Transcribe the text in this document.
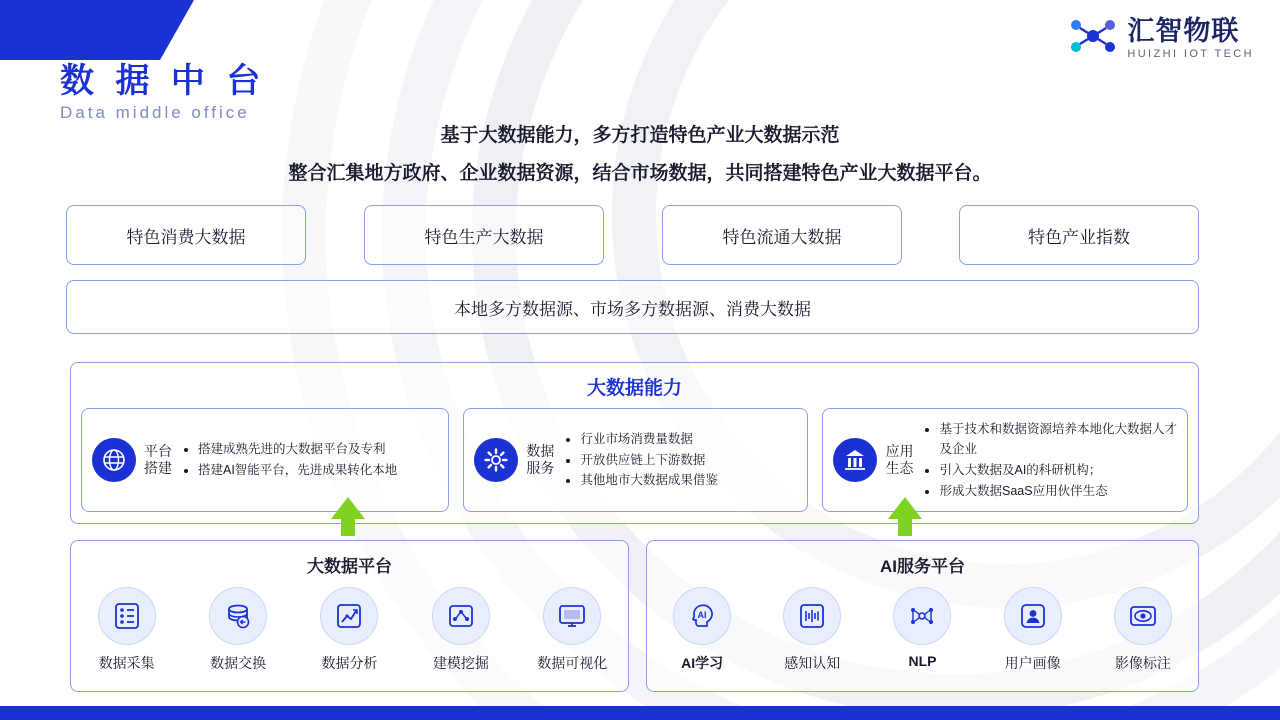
汇智物联
HUIZHI IOT TECH
数 据 中 台
Data middle office
基于大数据能力，多方打造特色产业大数据示范
整合汇集地方政府、企业数据资源，结合市场数据，共同搭建特色产业大数据平台。
特色消费大数据	特色生产大数据	特色流通大数据	特色产业指数
本地多方数据源、市场多方数据源、消费大数据
大数据能力
平台
搭建
• 搭建成熟先进的大数据平台及专利
• 搭建AI智能平台，先进成果转化本地
数据
服务
• 行业市场消费量数据
• 开放供应链上下游数据
• 其他地市大数据成果借鉴
应用
生态
• 基于技术和数据资源培养本地化大数据人才及企业
• 引入大数据及AI的科研机构；
• 形成大数据SaaS应用伙伴生态
大数据平台
数据采集	数据交换	数据分析	建模挖掘	数据可视化
AI服务平台
AI
AI学习	感知认知	NLP	用户画像	影像标注
